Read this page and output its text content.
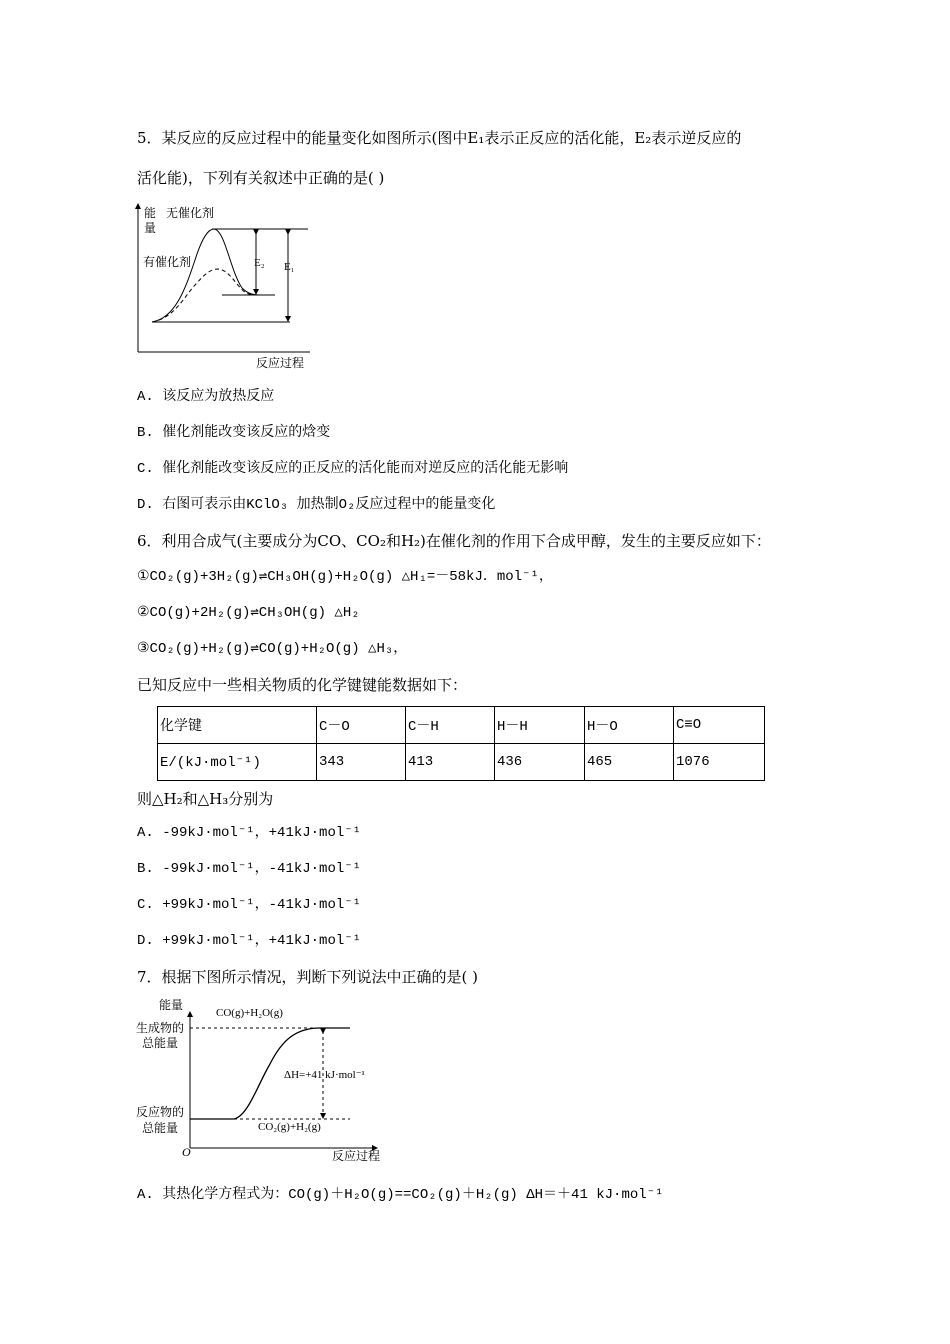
5．某反应的反应过程中的能量变化如图所示(图中E₁表示正反应的活化能，E₂表示逆反应的
活化能)，下列有关叙述中正确的是( )
能
量
无催化剂
有催化剂
反应过程
E₂ E₁
A. 该反应为放热反应
B. 催化剂能改变该反应的焓变
C. 催化剂能改变该反应的正反应的活化能而对逆反应的活化能无影响
D. 右图可表示由KClO₃ 加热制O₂反应过程中的能量变化
6．利用合成气(主要成分为CO、CO₂和H₂)在催化剂的作用下合成甲醇，发生的主要反应如下：
①CO₂(g)+3H₂(g)⇌CH₃OH(g)+H₂O(g) △H₁=－58kJ．mol⁻¹，
②CO(g)+2H₂(g)⇌CH₃OH(g) △H₂
③CO₂(g)+H₂(g)⇌CO(g)+H₂O(g) △H₃，
已知反应中一些相关物质的化学键键能数据如下：
化学键	C－O	C－H	H－H	H－O	C≡O
E/(kJ·mol⁻¹)	343	413	436	465	1076
则△H₂和△H₃分别为
A. -99kJ·mol⁻¹，+41kJ·mol⁻¹
B. -99kJ·mol⁻¹，-41kJ·mol⁻¹
C. +99kJ·mol⁻¹，-41kJ·mol⁻¹
D. +99kJ·mol⁻¹，+41kJ·mol⁻¹
7．根据下图所示情况，判断下列说法中正确的是( )
能量
O	反应过程
生成物的
总能量
反应物的
总能量
CO(g)+H₂O(g)
CO₂(g)+H₂(g)
ΔH=+41 kJ·mol⁻¹
A. 其热化学方程式为：CO(g)＋H₂O(g)==CO₂(g)＋H₂(g) ΔH＝＋41 kJ·mol⁻¹
